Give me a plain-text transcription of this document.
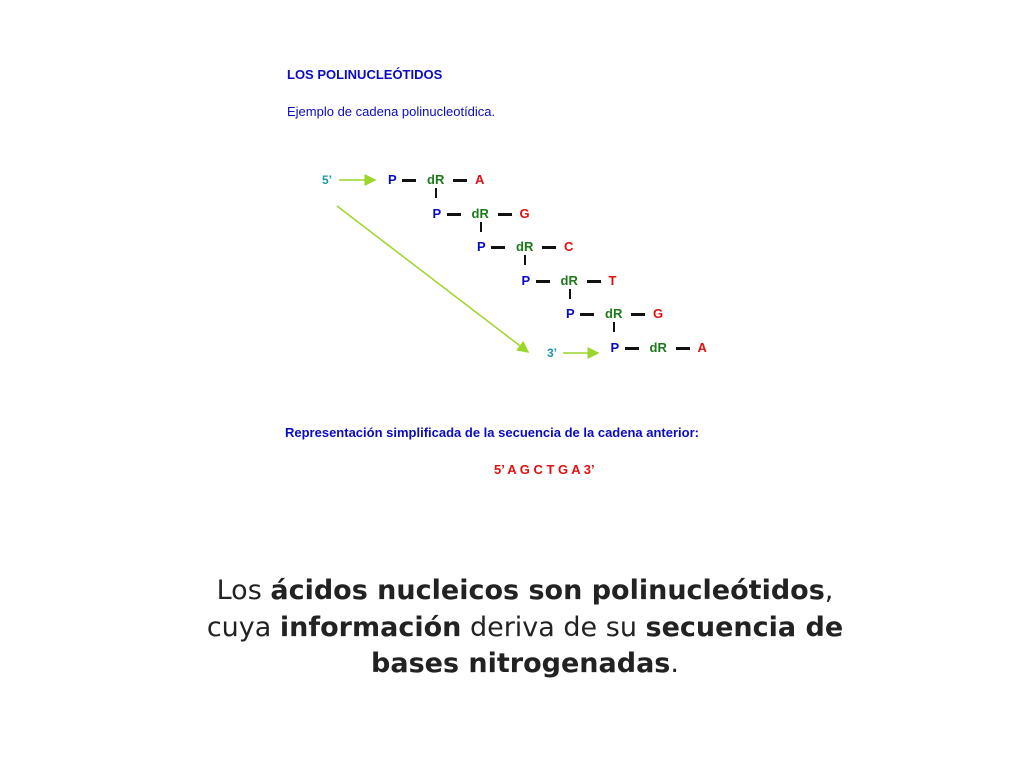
LOS POLINUCLEÓTIDOS
Ejemplo de cadena polinucleotídica.
5’
3’
P dR A
P dR G
P dR C
P dR T
P dR G
P dR A
Representación simplificada de la secuencia de la cadena anterior:
5’ A G C T G A 3’
Los ácidos nucleicos son polinucleótidos, cuya información deriva de su secuencia de bases nitrogenadas.
